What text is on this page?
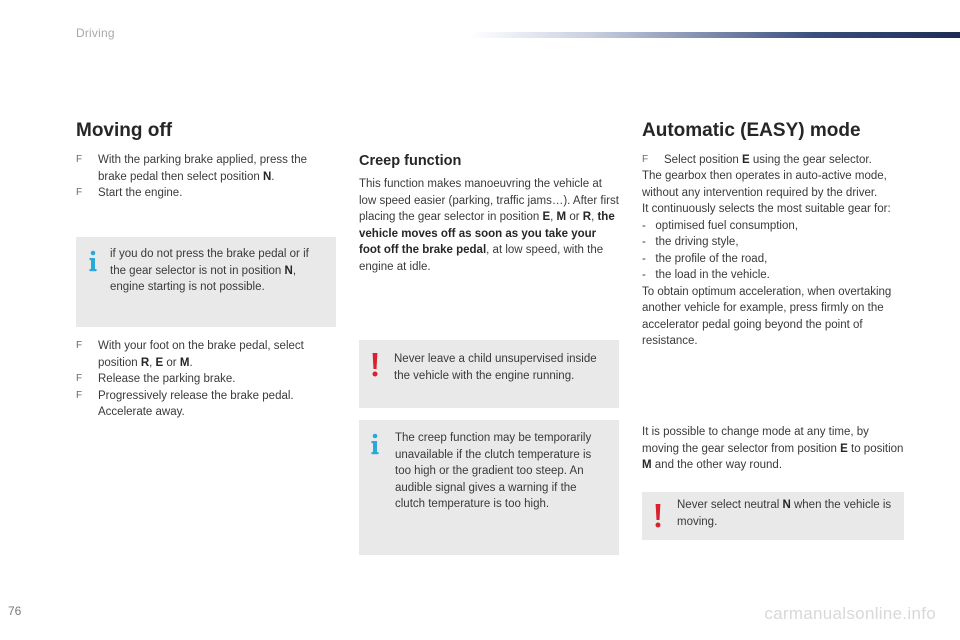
Driving
Moving off
F	With the parking brake applied, press the brake pedal then select position N.
F	Start the engine.

if you do not press the brake pedal or if the gear selector is not in position N, engine starting is not possible.

F	With your foot on the brake pedal, select position R, E or M.
F	Release the parking brake.
F	Progressively release the brake pedal. Accelerate away.
Creep function

This function makes manoeuvring the vehicle at low speed easier (parking, traffic jams…). After first placing the gear selector in position E, M or R, the vehicle moves off as soon as you take your foot off the brake pedal, at low speed, with the engine at idle.

Never leave a child unsupervised inside the vehicle with the engine running.

The creep function may be temporarily unavailable if the clutch temperature is too high or the gradient too steep. An audible signal gives a warning if the clutch temperature is too high.

Automatic (EASY) mode
F	Select position E using the gear selector.
The gearbox then operates in auto-active mode, without any intervention required by the driver.
It continuously selects the most suitable gear for:
-   optimised fuel consumption,
-   the driving style,
-   the profile of the road,
-   the load in the vehicle.
To obtain optimum acceleration, when overtaking another vehicle for example, press firmly on the accelerator pedal going beyond the point of resistance.

It is possible to change mode at any time, by moving the gear selector from position E to position M and the other way round.

Never select neutral N when the vehicle is moving.

76	carmanualsonline.info
